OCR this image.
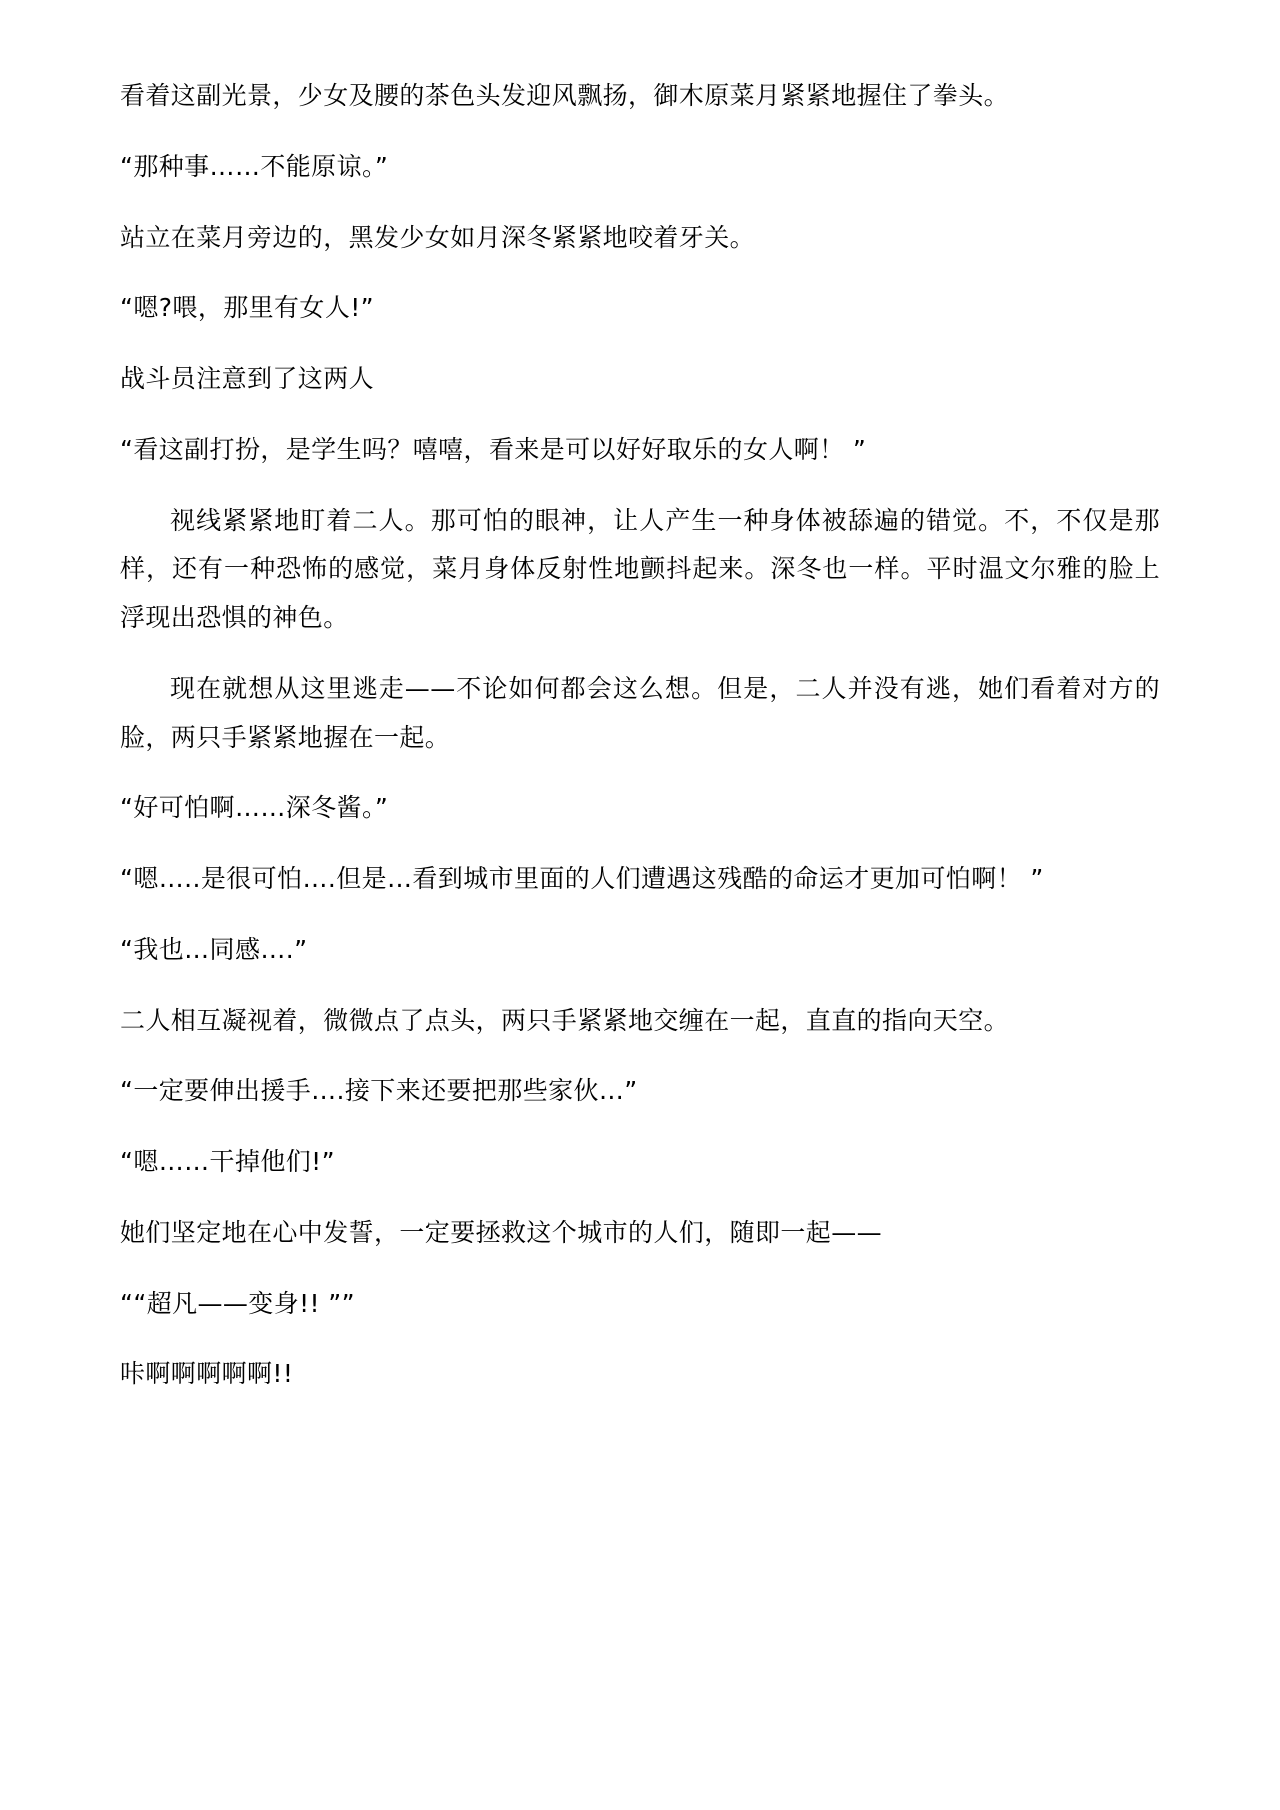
看着这副光景，少女及腰的茶色头发迎风飘扬，御木原菜月紧紧地握住了拳头。

“那种事……不能原谅。”

站立在菜月旁边的，黑发少女如月深冬紧紧地咬着牙关。

“嗯?喂，那里有女人!”

战斗员注意到了这两人

“看这副打扮，是学生吗？嘻嘻，看来是可以好好取乐的女人啊！ ”

视线紧紧地盯着二人。那可怕的眼神，让人产生一种身体被舔遍的错觉。不，不仅是那样，还有一种恐怖的感觉，菜月身体反射性地颤抖起来。深冬也一样。平时温文尔雅的脸上浮现出恐惧的神色。

现在就想从这里逃走——不论如何都会这么想。但是，二人并没有逃，她们看着对方的脸，两只手紧紧地握在一起。

“好可怕啊……深冬酱。”

“嗯…..是很可怕….但是…看到城市里面的人们遭遇这残酷的命运才更加可怕啊！ ”

“我也…同感….”

二人相互凝视着，微微点了点头，两只手紧紧地交缠在一起，直直的指向天空。

“一定要伸出援手….接下来还要把那些家伙…”

“嗯……干掉他们!”

她们坚定地在心中发誓，一定要拯救这个城市的人们，随即一起——

““超凡——变身!! ””

咔啊啊啊啊啊!!
